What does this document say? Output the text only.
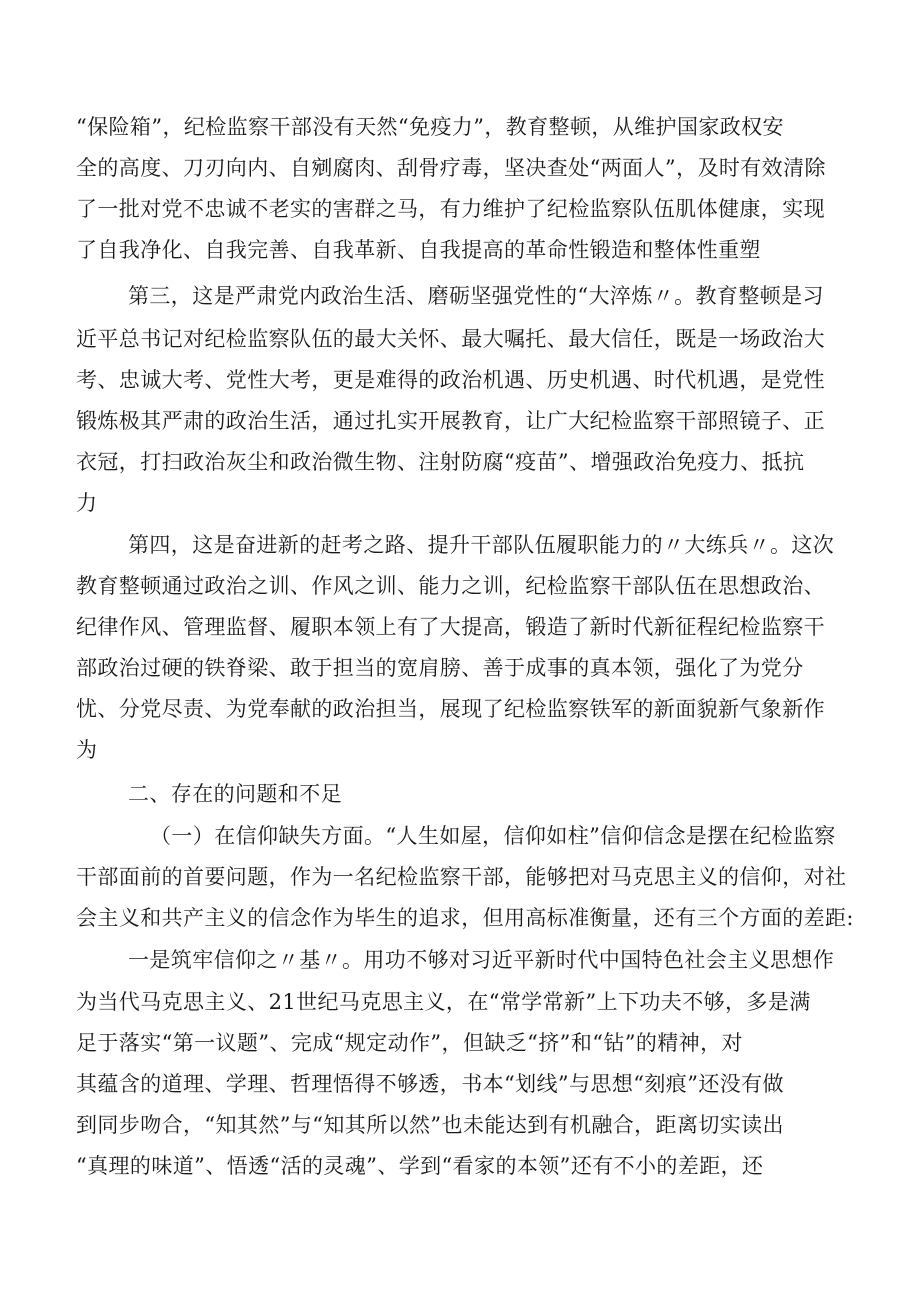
“保险箱”，纪检监察干部没有天然“免疫力”，教育整顿，从维护国家政权安
全的高度、刀刃向内、自剜腐肉、刮骨疗毒，坚决查处“两面人”，及时有效清除
了一批对党不忠诚不老实的害群之马，有力维护了纪检监察队伍肌体健康，实现
了自我净化、自我完善、自我革新、自我提高的革命性锻造和整体性重塑
第三，这是严肃党内政治生活、磨砺坚强党性的“大淬炼〃。教育整顿是习
近平总书记对纪检监察队伍的最大关怀、最大嘱托、最大信任，既是一场政治大
考、忠诚大考、党性大考，更是难得的政治机遇、历史机遇、时代机遇，是党性
锻炼极其严肃的政治生活，通过扎实开展教育，让广大纪检监察干部照镜子、正
衣冠，打扫政治灰尘和政治微生物、注射防腐“疫苗”、增强政治免疫力、抵抗
力
第四，这是奋进新的赶考之路、提升干部队伍履职能力的〃大练兵〃。这次
教育整顿通过政治之训、作风之训、能力之训，纪检监察干部队伍在思想政治、
纪律作风、管理监督、履职本领上有了大提高，锻造了新时代新征程纪检监察干
部政治过硬的铁脊梁、敢于担当的宽肩膀、善于成事的真本领，强化了为党分
忧、分党尽责、为党奉献的政治担当，展现了纪检监察铁军的新面貌新气象新作
为
二、存在的问题和不足
（一）在信仰缺失方面。“人生如屋，信仰如柱”信仰信念是摆在纪检监察
干部面前的首要问题，作为一名纪检监察干部，能够把对马克思主义的信仰，对社
会主义和共产主义的信念作为毕生的追求，但用高标准衡量，还有三个方面的差距:
一是筑牢信仰之〃基〃。用功不够对习近平新时代中国特色社会主义思想作
为当代马克思主义、21世纪马克思主义，在“常学常新”上下功夫不够，多是满
足于落实“第一议题”、完成“规定动作”，但缺乏“挤”和“钻”的精神，对
其蕴含的道理、学理、哲理悟得不够透，书本“划线”与思想“刻痕”还没有做
到同步吻合，“知其然”与“知其所以然”也未能达到有机融合，距离切实读出
“真理的味道”、悟透“活的灵魂”、学到“看家的本领”还有不小的差距，还
